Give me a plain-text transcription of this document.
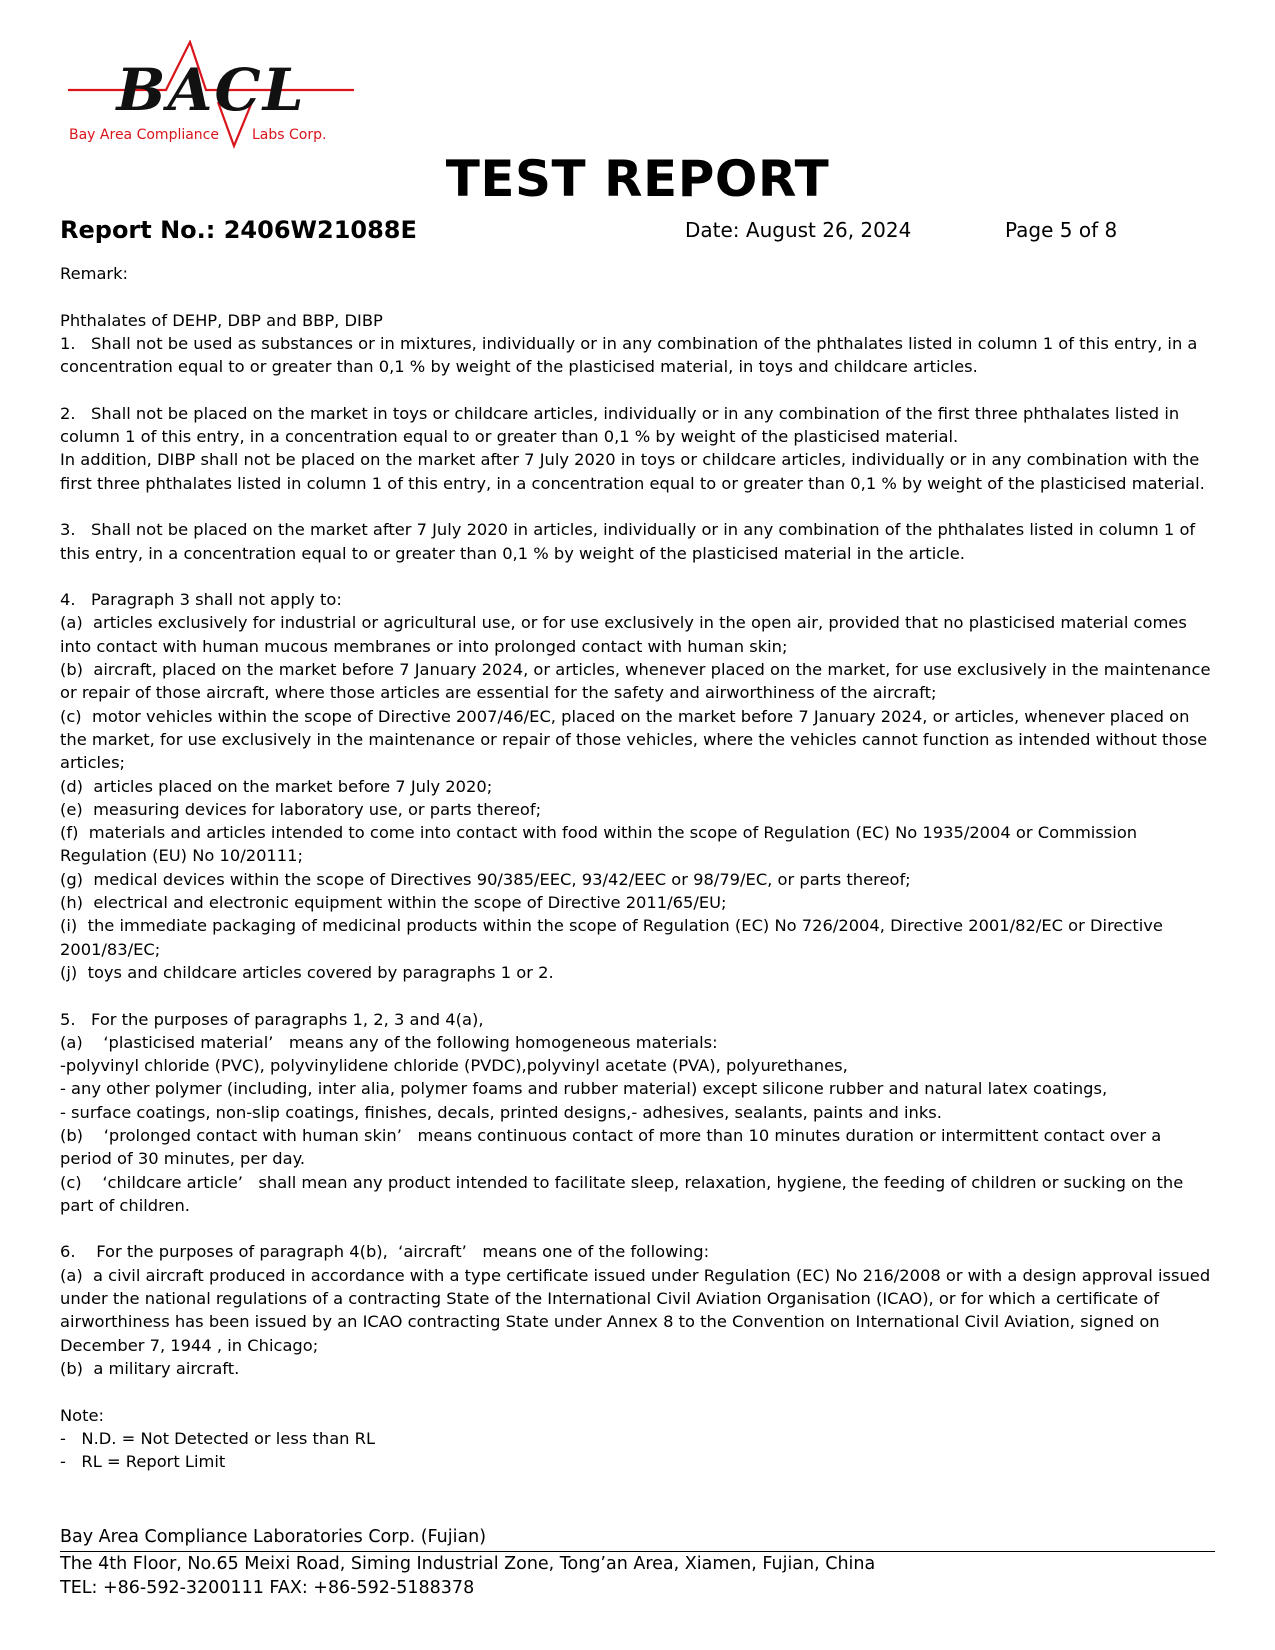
BACL
Bay Area Compliance Labs Corp.
TEST REPORT
Report No.: 2406W21088E	Date: August 26, 2024	Page 5 of 8

Remark:

Phthalates of DEHP, DBP and BBP, DIBP

1.   Shall not be used as substances or in mixtures, individually or in any combination of the phthalates listed in column 1 of this entry, in a concentration equal to or greater than 0,1 % by weight of the plasticised material, in toys and childcare articles.

2.   Shall not be placed on the market in toys or childcare articles, individually or in any combination of the first three phthalates listed in column 1 of this entry, in a concentration equal to or greater than 0,1 % by weight of the plasticised material.

In addition, DIBP shall not be placed on the market after 7 July 2020 in toys or childcare articles, individually or in any combination with the first three phthalates listed in column 1 of this entry, in a concentration equal to or greater than 0,1 % by weight of the plasticised material.

3.   Shall not be placed on the market after 7 July 2020 in articles, individually or in any combination of the phthalates listed in column 1 of this entry, in a concentration equal to or greater than 0,1 % by weight of the plasticised material in the article.

4.   Paragraph 3 shall not apply to:

(a)  articles exclusively for industrial or agricultural use, or for use exclusively in the open air, provided that no plasticised material comes into contact with human mucous membranes or into prolonged contact with human skin;

(b)  aircraft, placed on the market before 7 January 2024, or articles, whenever placed on the market, for use exclusively in the maintenance or repair of those aircraft, where those articles are essential for the safety and airworthiness of the aircraft;

(c)  motor vehicles within the scope of Directive 2007/46/EC, placed on the market before 7 January 2024, or articles, whenever placed on the market, for use exclusively in the maintenance or repair of those vehicles, where the vehicles cannot function as intended without those articles;

(d)  articles placed on the market before 7 July 2020;

(e)  measuring devices for laboratory use, or parts thereof;

(f)  materials and articles intended to come into contact with food within the scope of Regulation (EC) No 1935/2004 or Commission Regulation (EU) No 10/20111;

(g)  medical devices within the scope of Directives 90/385/EEC, 93/42/EEC or 98/79/EC, or parts thereof;

(h)  electrical and electronic equipment within the scope of Directive 2011/65/EU;

(i)  the immediate packaging of medicinal products within the scope of Regulation (EC) No 726/2004, Directive 2001/82/EC or Directive 2001/83/EC;

(j)  toys and childcare articles covered by paragraphs 1 or 2.

5.   For the purposes of paragraphs 1, 2, 3 and 4(a),

(a)    ‘plasticised material’   means any of the following homogeneous materials:

-polyvinyl chloride (PVC), polyvinylidene chloride (PVDC),polyvinyl acetate (PVA), polyurethanes,

- any other polymer (including, inter alia, polymer foams and rubber material) except silicone rubber and natural latex coatings,

- surface coatings, non-slip coatings, finishes, decals, printed designs,- adhesives, sealants, paints and inks.

(b)    ‘prolonged contact with human skin’   means continuous contact of more than 10 minutes duration or intermittent contact over a period of 30 minutes, per day.

(c)    ‘childcare article’   shall mean any product intended to facilitate sleep, relaxation, hygiene, the feeding of children or sucking on the part of children.

6.    For the purposes of paragraph 4(b),  ‘aircraft’   means one of the following:

(a)  a civil aircraft produced in accordance with a type certificate issued under Regulation (EC) No 216/2008 or with a design approval issued under the national regulations of a contracting State of the International Civil Aviation Organisation (ICAO), or for which a certificate of airworthiness has been issued by an ICAO contracting State under Annex 8 to the Convention on International Civil Aviation, signed on December 7, 1944 , in Chicago;

(b)  a military aircraft.

Note:

-   N.D. = Not Detected or less than RL

-   RL = Report Limit

Bay Area Compliance Laboratories Corp. (Fujian)

The 4th Floor, No.65 Meixi Road, Siming Industrial Zone, Tong’an Area, Xiamen, Fujian, China

TEL: +86-592-3200111 FAX: +86-592-5188378
